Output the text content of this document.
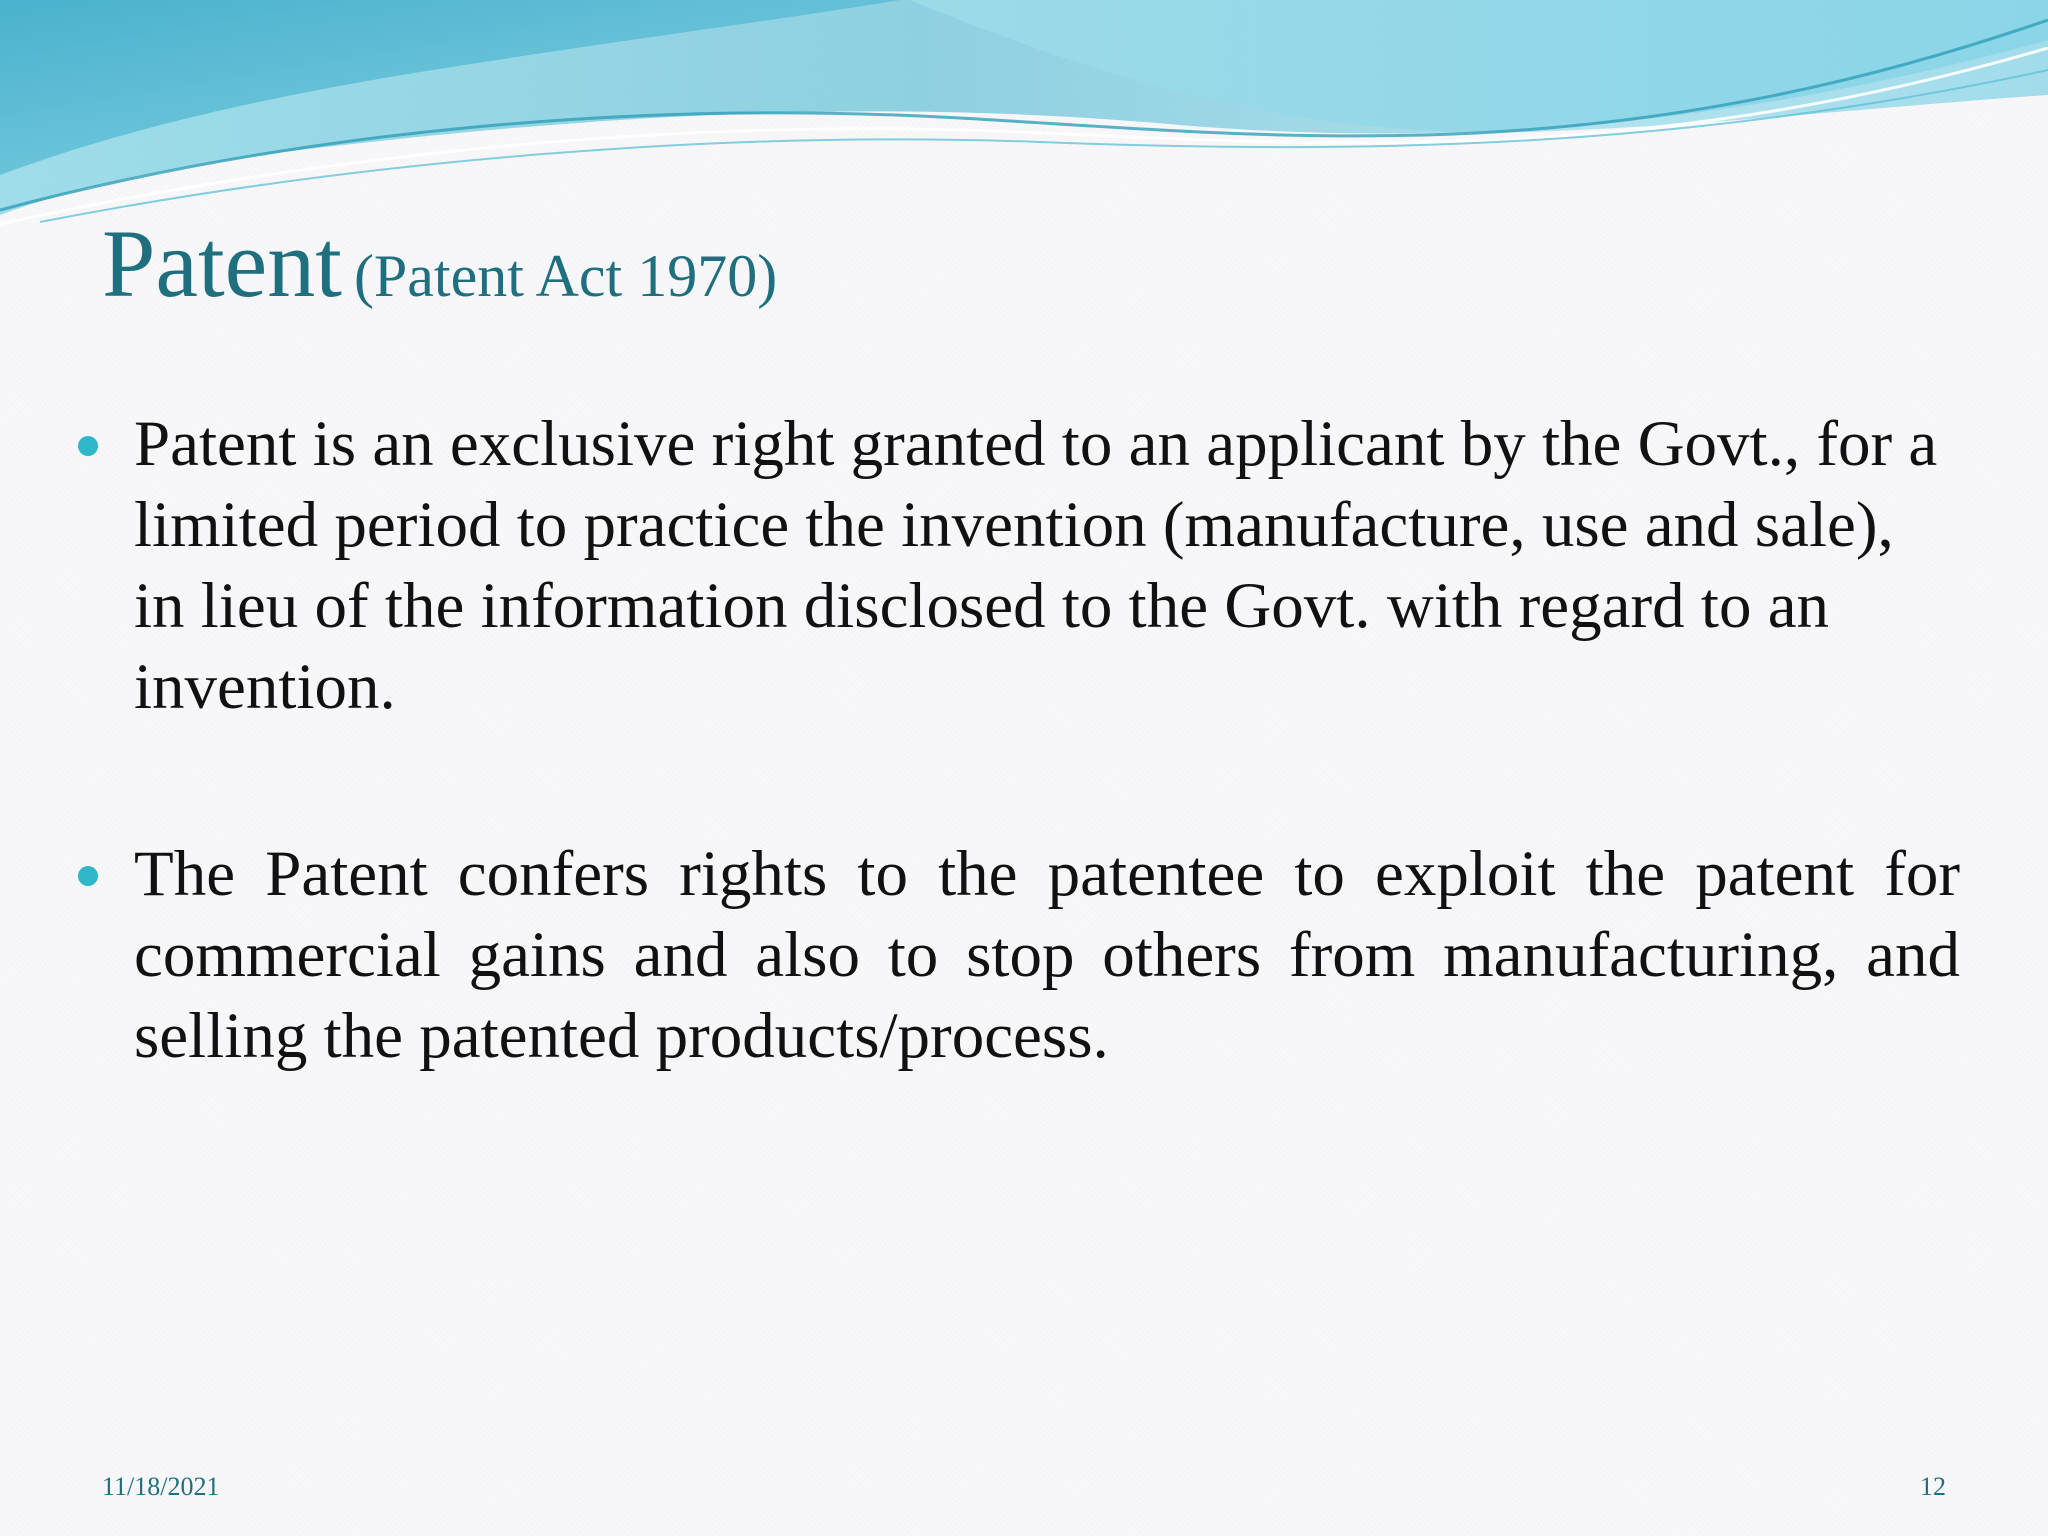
Patent (Patent Act 1970)
Patent is an exclusive right granted to an applicant by the Govt., for a limited period to practice the invention (manufacture, use and sale), in lieu of the information disclosed to the Govt. with regard to an invention.
The Patent confers rights to the patentee to exploit the patent for commercial gains and also to stop others from manufacturing, and selling the patented products/process.
11/18/2021	12
